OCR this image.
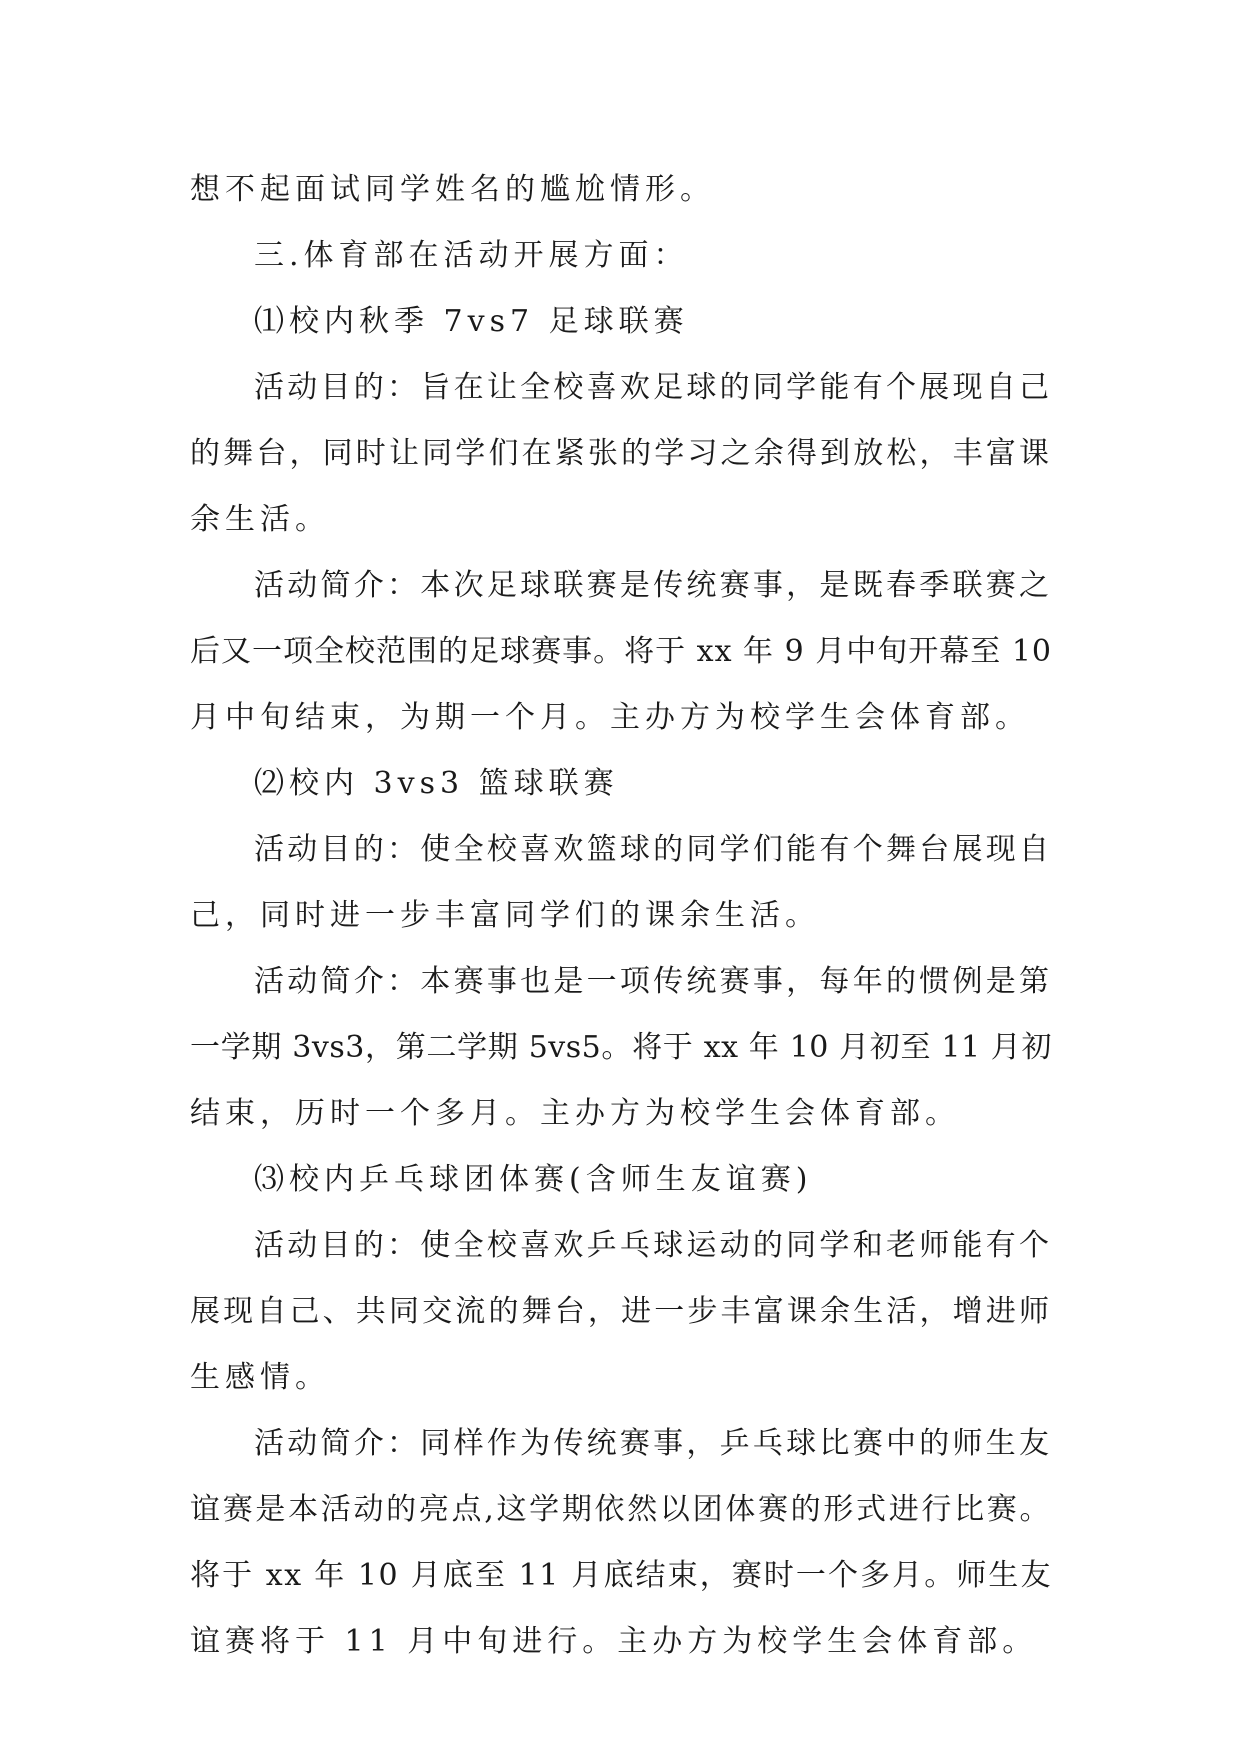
想不起面试同学姓名的尴尬情形。
三.体育部在活动开展方面：
⑴校内秋季 7vs7 足球联赛
活动目的：旨在让全校喜欢足球的同学能有个展现自己
的舞台，同时让同学们在紧张的学习之余得到放松，丰富课
余生活。
活动简介：本次足球联赛是传统赛事，是既春季联赛之
后又一项全校范围的足球赛事。将于 xx 年 9 月中旬开幕至 10
月中旬结束，为期一个月。主办方为校学生会体育部。
⑵校内 3vs3 篮球联赛
活动目的：使全校喜欢篮球的同学们能有个舞台展现自
己，同时进一步丰富同学们的课余生活。
活动简介：本赛事也是一项传统赛事，每年的惯例是第
一学期 3vs3，第二学期 5vs5。将于 xx 年 10 月初至 11 月初
结束，历时一个多月。主办方为校学生会体育部。
⑶校内乒乓球团体赛(含师生友谊赛)
活动目的：使全校喜欢乒乓球运动的同学和老师能有个
展现自己、共同交流的舞台，进一步丰富课余生活，增进师
生感情。
活动简介：同样作为传统赛事，乒乓球比赛中的师生友
谊赛是本活动的亮点,这学期依然以团体赛的形式进行比赛。
将于 xx 年 10 月底至 11 月底结束，赛时一个多月。师生友
谊赛将于 11 月中旬进行。主办方为校学生会体育部。
